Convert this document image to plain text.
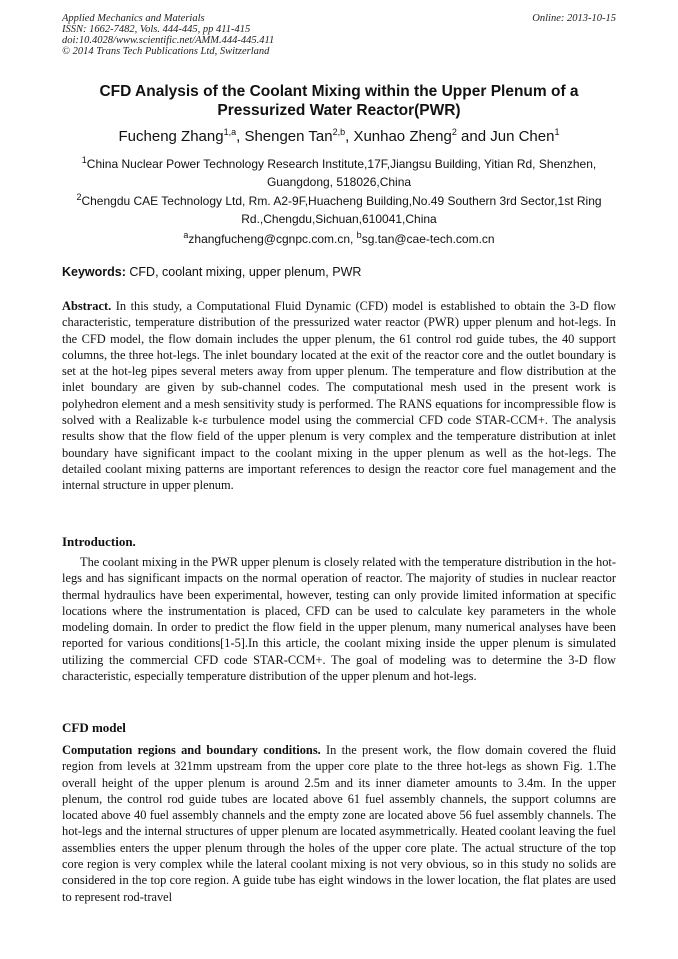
Applied Mechanics and Materials
ISSN: 1662-7482, Vols. 444-445, pp 411-415
doi:10.4028/www.scientific.net/AMM.444-445.411
© 2014 Trans Tech Publications Ltd, Switzerland
Online: 2013-10-15
CFD Analysis of the Coolant Mixing within the Upper Plenum of a Pressurized Water Reactor(PWR)
Fucheng Zhang$^{1,a}$, Shengen Tan$^{2,b}$, Xunhao Zheng$^2$ and Jun Chen$^1$
$^1$China Nuclear Power Technology Research Institute,17F,Jiangsu Building, Yitian Rd, Shenzhen, Guangdong, 518026,China
$^2$Chengdu CAE Technology Ltd, Rm. A2-9F,Huacheng Building,No.49 Southern 3rd Sector,1st Ring Rd.,Chengdu,Sichuan,610041,China
$^a$zhangfucheng@cgnpc.com.cn, $^b$sg.tan@cae-tech.com.cn
Keywords: CFD, coolant mixing, upper plenum, PWR
Abstract. In this study, a Computational Fluid Dynamic (CFD) model is established to obtain the 3-D flow characteristic, temperature distribution of the pressurized water reactor (PWR) upper plenum and hot-legs. In the CFD model, the flow domain includes the upper plenum, the 61 control rod guide tubes, the 40 support columns, the three hot-legs. The inlet boundary located at the exit of the reactor core and the outlet boundary is set at the hot-leg pipes several meters away from upper plenum. The temperature and flow distribution at the inlet boundary are given by sub-channel codes. The computational mesh used in the present work is polyhedron element and a mesh sensitivity study is performed. The RANS equations for incompressible flow is solved with a Realizable k-ε turbulence model using the commercial CFD code STAR-CCM+. The analysis results show that the flow field of the upper plenum is very complex and the temperature distribution at inlet boundary have significant impact to the coolant mixing in the upper plenum as well as the hot-legs. The detailed coolant mixing patterns are important references to design the reactor core fuel management and the internal structure in upper plenum.
Introduction.
The coolant mixing in the PWR upper plenum is closely related with the temperature distribution in the hot-legs and has significant impacts on the normal operation of reactor. The majority of studies in nuclear reactor thermal hydraulics have been experimental, however, testing can only provide limited information at specific locations where the instrumentation is placed, CFD can be used to calculate key parameters in the whole modeling domain. In order to predict the flow field in the upper plenum, many numerical analyses have been reported for various conditions[1-5].In this article, the coolant mixing inside the upper plenum is simulated utilizing the commercial CFD code STAR-CCM+. The goal of modeling was to determine the 3-D flow characteristic, especially temperature distribution of the upper plenum and hot-legs.
CFD model
Computation regions and boundary conditions. In the present work, the flow domain covered the fluid region from levels at 321mm upstream from the upper core plate to the three hot-legs as shown Fig. 1.The overall height of the upper plenum is around 2.5m and its inner diameter amounts to 3.4m. In the upper plenum, the control rod guide tubes are located above 61 fuel assembly channels, the support columns are located above 40 fuel assembly channels and the empty zone are located above 56 fuel assembly channels. The hot-legs and the internal structures of upper plenum are located asymmetrically. Heated coolant leaving the fuel assemblies enters the upper plenum through the holes of the upper core plate. The actual structure of the top core region is very complex while the lateral coolant mixing is not very obvious, so in this study no solids are considered in the top core region. A guide tube has eight windows in the lower location, the flat plates are used to represent rod-travel
